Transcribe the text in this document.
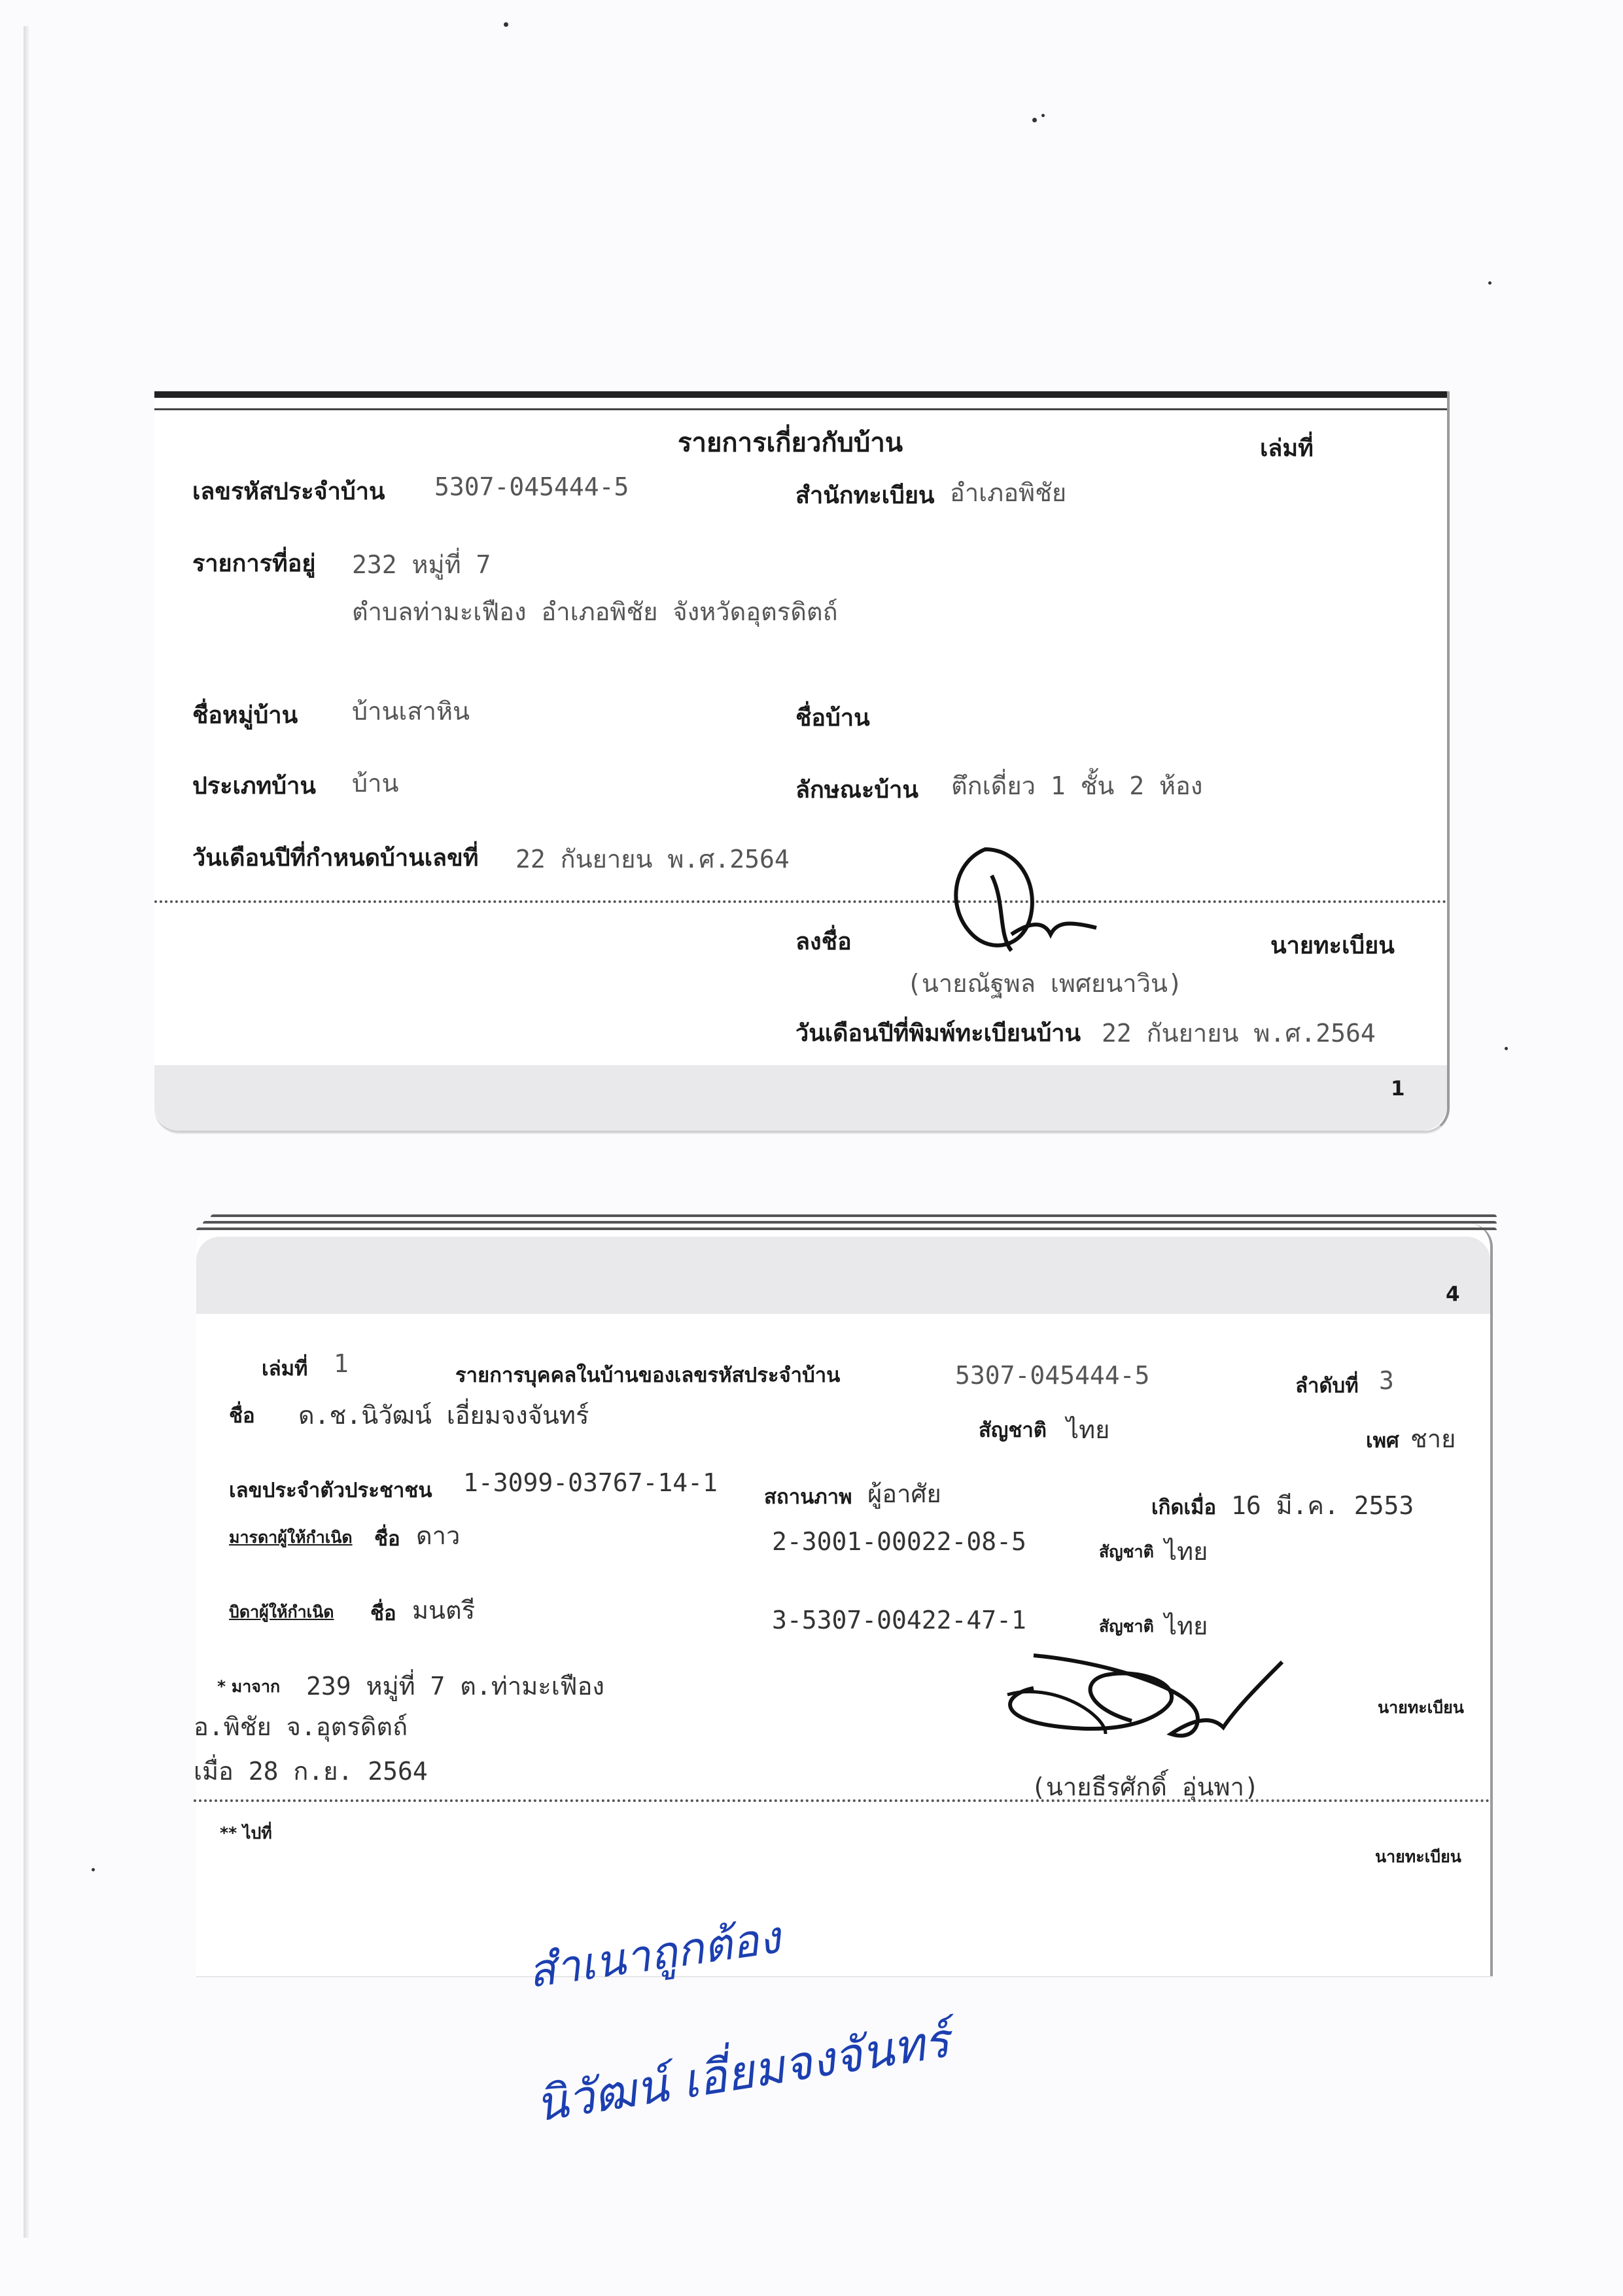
รายการเกี่ยวกับบ้าน	เล่มที่
เลขรหัสประจำบ้าน 5307-045444-5	สำนักทะเบียน อำเภอพิชัย
รายการที่อยู่ 232 หมู่ที่ 7
ตำบลท่ามะเฟือง อำเภอพิชัย จังหวัดอุตรดิตถ์
ชื่อหมู่บ้าน บ้านเสาหิน	ชื่อบ้าน
ประเภทบ้าน บ้าน	ลักษณะบ้าน ตึกเดี่ยว 1 ชั้น 2 ห้อง
วันเดือนปีที่กำหนดบ้านเลขที่ 22 กันยายน พ.ศ.2564
ลงชื่อ	นายทะเบียน
(นายณัฐพล เพศยนาวิน)
วันเดือนปีที่พิมพ์ทะเบียนบ้าน 22 กันยายน พ.ศ.2564
1
4
เล่มที่ 1	รายการบุคคลในบ้านของเลขรหัสประจำบ้าน	5307-045444-5	ลำดับที่ 3
ชื่อ ด.ช.นิวัฒน์ เอี่ยมจงจันทร์
สัญชาติ ไทย	เพศ ชาย
เลขประจำตัวประชาชน 1-3099-03767-14-1 สถานภาพ ผู้อาศัย	เกิดเมื่อ 16 มี.ค. 2553
มารดาผู้ให้กำเนิด ชื่อ ดาว	2-3001-00022-08-5	สัญชาติ ไทย
บิดาผู้ให้กำเนิด ชื่อ มนตรี	3-5307-00422-47-1	สัญชาติ ไทย
* มาจาก 239 หมู่ที่ 7 ต.ท่ามะเฟือง
อ.พิชัย จ.อุตรดิตถ์
เมื่อ 28 ก.ย. 2564
นายทะเบียน
(นายธีรศักดิ์ อุ่นพา)
** ไปที่
นายทะเบียน
สำเนาถูกต้อง
นิวัฒน์ เอี่ยมจงจันทร์
